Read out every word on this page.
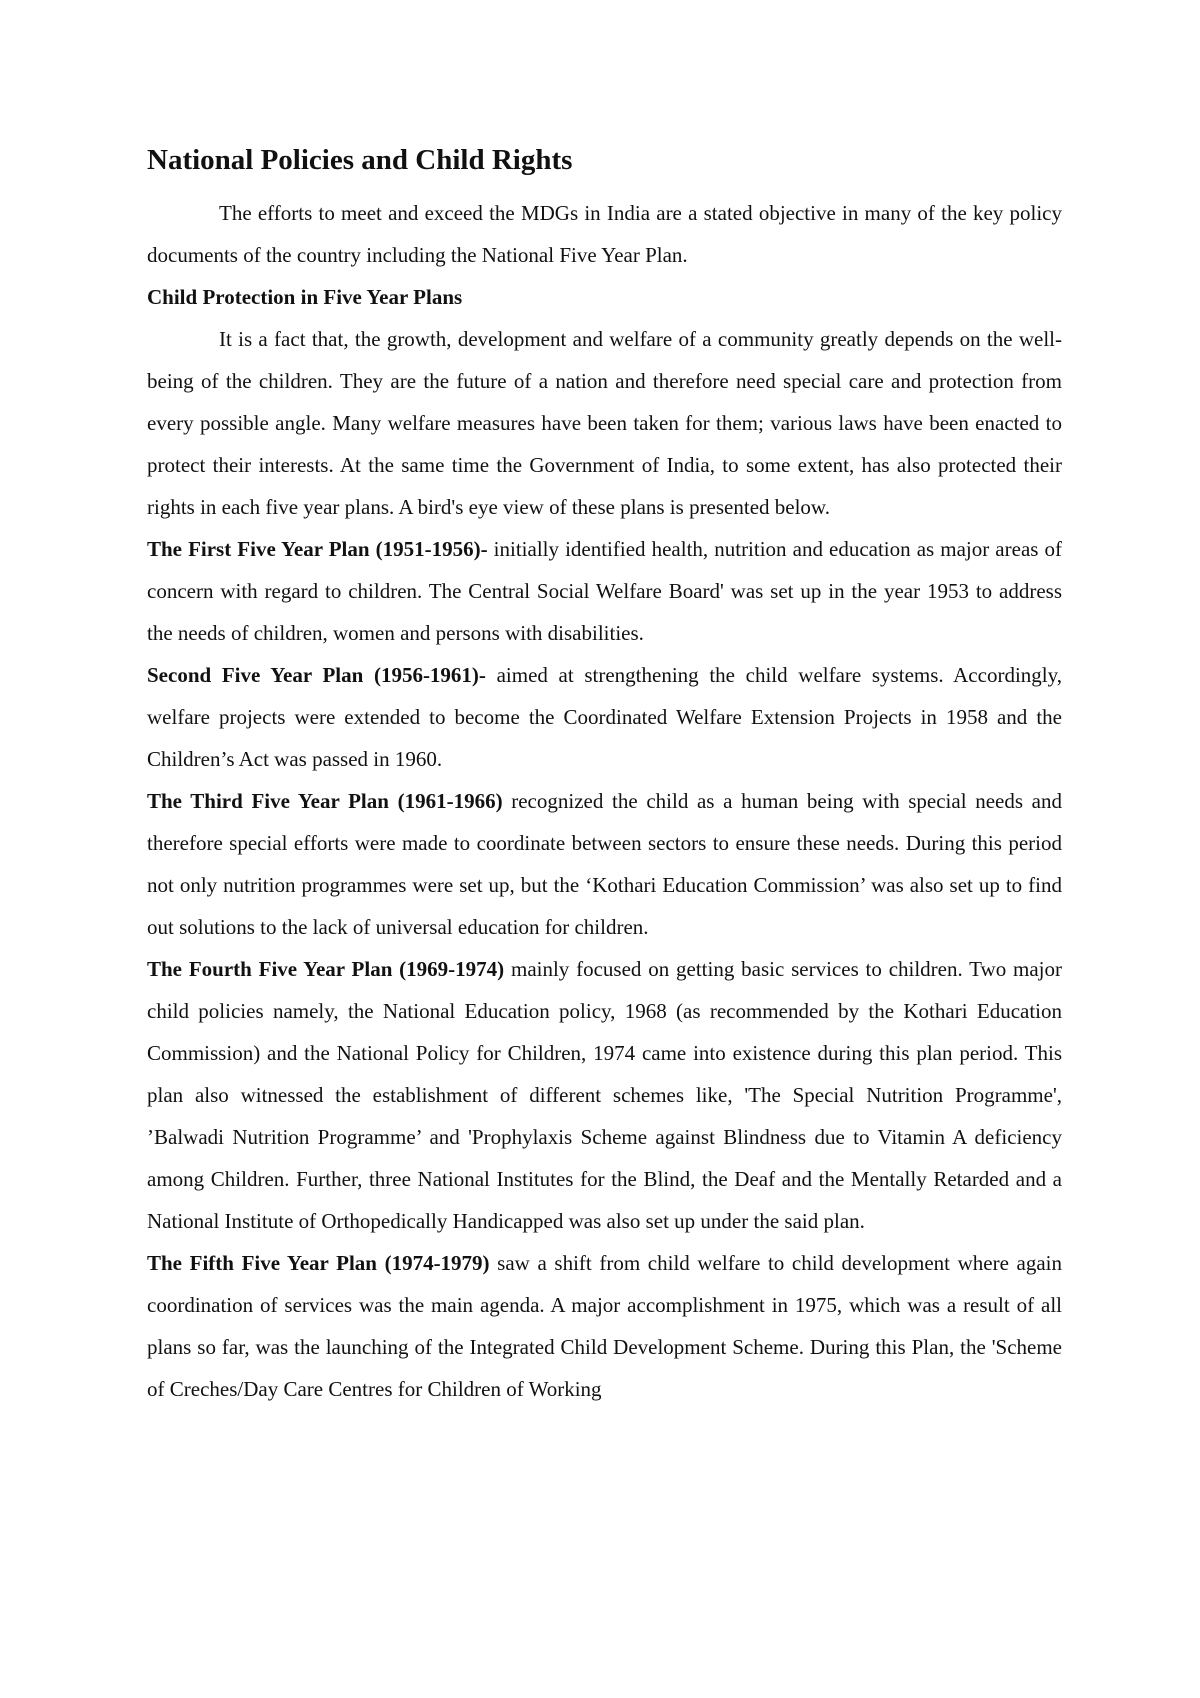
National Policies and Child Rights

The efforts to meet and exceed the MDGs in India are a stated objective in many of the key policy documents of the country including the National Five Year Plan.

Child Protection in Five Year Plans

It is a fact that, the growth, development and welfare of a community greatly depends on the well-being of the children. They are the future of a nation and therefore need special care and protection from every possible angle. Many welfare measures have been taken for them; various laws have been enacted to protect their interests. At the same time the Government of India, to some extent, has also protected their rights in each five year plans. A bird's eye view of these plans is presented below.

The First Five Year Plan (1951-1956)- initially identified health, nutrition and education as major areas of concern with regard to children. The Central Social Welfare Board' was set up in the year 1953 to address the needs of children, women and persons with disabilities.

Second Five Year Plan (1956-1961)- aimed at strengthening the child welfare systems. Accordingly, welfare projects were extended to become the Coordinated Welfare Extension Projects in 1958 and the Children’s Act was passed in 1960.

The Third Five Year Plan (1961-1966) recognized the child as a human being with special needs and therefore special efforts were made to coordinate between sectors to ensure these needs. During this period not only nutrition programmes were set up, but the ‘Kothari Education Commission’ was also set up to find out solutions to the lack of universal education for children.

The Fourth Five Year Plan (1969-1974) mainly focused on getting basic services to children. Two major child policies namely, the National Education policy, 1968 (as recommended by the Kothari Education Commission) and the National Policy for Children, 1974 came into existence during this plan period. This plan also witnessed the establishment of different schemes like, 'The Special Nutrition Programme', ’Balwadi Nutrition Programme’ and 'Prophylaxis Scheme against Blindness due to Vitamin A deficiency among Children. Further, three National Institutes for the Blind, the Deaf and the Mentally Retarded and a National Institute of Orthopedically Handicapped was also set up under the said plan.

The Fifth Five Year Plan (1974-1979) saw a shift from child welfare to child development where again coordination of services was the main agenda. A major accomplishment in 1975, which was a result of all plans so far, was the launching of the Integrated Child Development Scheme. During this Plan, the 'Scheme of Creches/Day Care Centres for Children of Working
